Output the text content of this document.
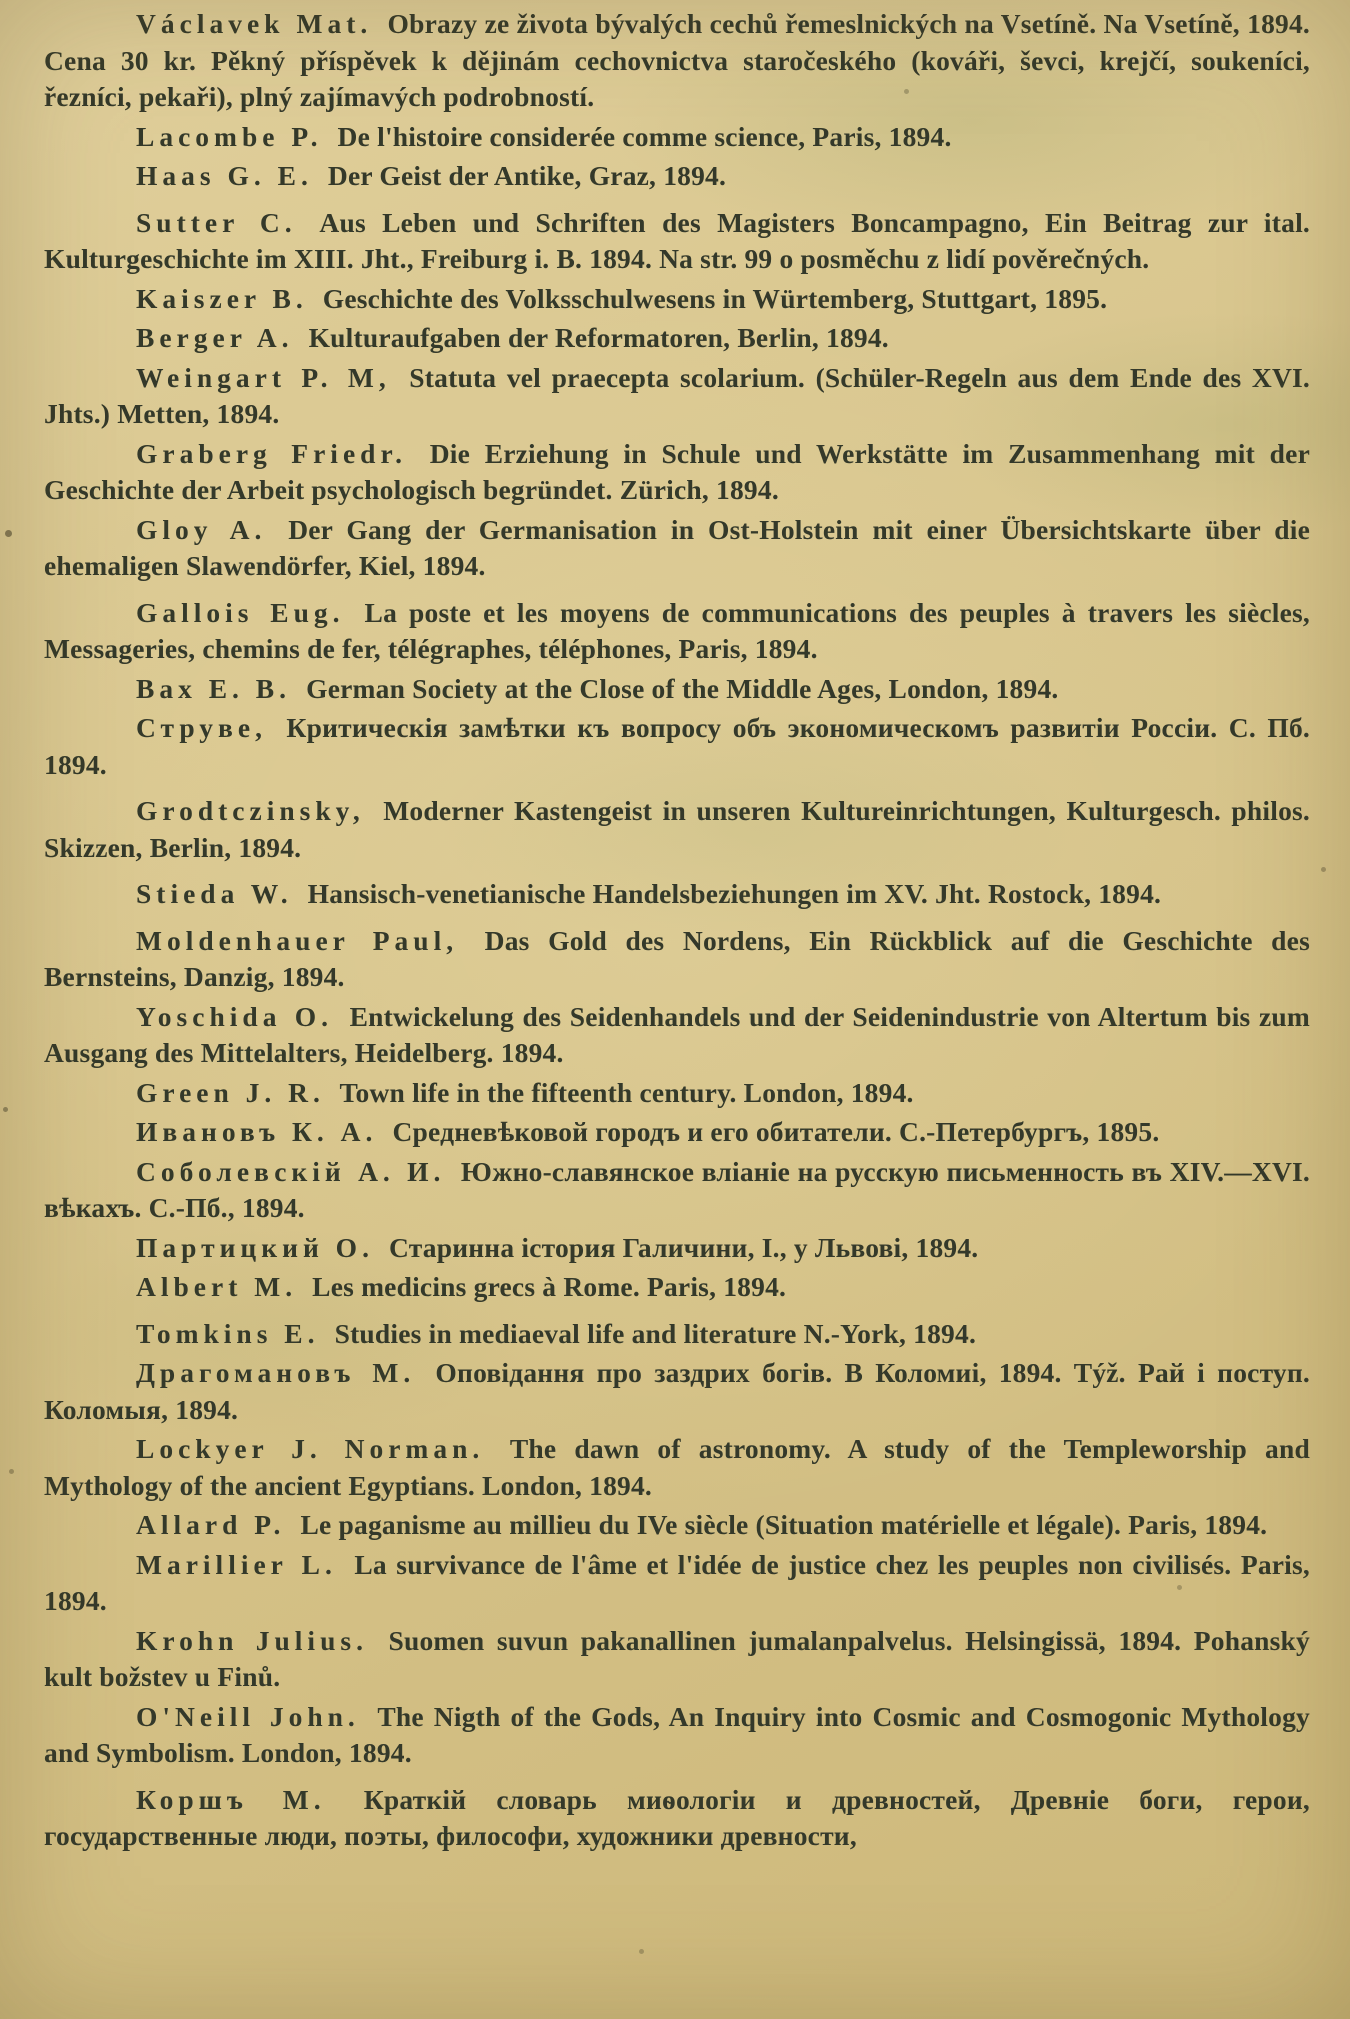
Václavek Mat. Obrazy ze života bývalých cechů řemeslnických na Vsetíně. Na Vsetíně, 1894. Cena 30 kr. Pěkný příspěvek k dějinám cechovnictva staročeského (kováři, ševci, krejčí, soukeníci, řezníci, pekaři), plný zajímavých podrobností.

Lacombe P. De l'histoire considerée comme science, Paris, 1894.

Haas G. E. Der Geist der Antike, Graz, 1894.

Sutter C. Aus Leben und Schriften des Magisters Boncampagno, Ein Beitrag zur ital. Kulturgeschichte im XIII. Jht., Freiburg i. B. 1894. Na str. 99 o posměchu z lidí pověrečných.

Kaiszer B. Geschichte des Volksschulwesens in Würtemberg, Stuttgart, 1895.

Berger A. Kulturaufgaben der Reformatoren, Berlin, 1894.

Weingart P. M, Statuta vel praecepta scolarium. (Schüler-Regeln aus dem Ende des XVI. Jhts.) Metten, 1894.

Graberg Friedr. Die Erziehung in Schule und Werkstätte im Zusammenhang mit der Geschichte der Arbeit psychologisch begründet. Zürich, 1894.

Gloy A. Der Gang der Germanisation in Ost-Holstein mit einer Übersichtskarte über die ehemaligen Slawendörfer, Kiel, 1894.

Gallois Eug. La poste et les moyens de communications des peuples à travers les siècles, Messageries, chemins de fer, télégraphes, téléphones, Paris, 1894.

Bax E. B. German Society at the Close of the Middle Ages, London, 1894.

Струве, Критическія замѣтки къ вопросу объ экономическомъ развитіи Россіи. С. Пб. 1894.

Grodtczinsky, Moderner Kastengeist in unseren Kultureinrichtungen, Kulturgesch. philos. Skizzen, Berlin, 1894.

Stieda W. Hansisch-venetianische Handelsbeziehungen im XV. Jht. Rostock, 1894.

Moldenhauer Paul, Das Gold des Nordens, Ein Rückblick auf die Geschichte des Bernsteins, Danzig, 1894.

Yoschida O. Entwickelung des Seidenhandels und der Seidenindustrie von Altertum bis zum Ausgang des Mittelalters, Heidelberg. 1894.

Green J. R. Town life in the fifteenth century. London, 1894.

Ивановъ К. А. Средневѣковой городъ и его обитатели. С.-Петербургъ, 1895.

Соболевскій А. И. Южно-славянское вліаніе на русскую письменность въ XIV.—XVI. вѣкахъ. С.-Пб., 1894.

Партицкий О. Старинна істория Галичини, I., у Львові, 1894.

Albert M. Les medicins grecs à Rome. Paris, 1894.

Tomkins E. Studies in mediaeval life and literature N.-York, 1894.

Драгомановъ М. Оповідання про заздрих богів. В Коломиі, 1894. Týž. Рай і поступ. Коломыя, 1894.

Lockyer J. Norman. The dawn of astronomy. A study of the Templeworship and Mythology of the ancient Egyptians. London, 1894.

Allard P. Le paganisme au millieu du IVe siècle (Situation matérielle et légale). Paris, 1894.

Marillier L. La survivance de l'âme et l'idée de justice chez les peuples non civilisés. Paris, 1894.

Krohn Julius. Suomen suvun pakanallinen jumalanpalvelus. Helsingissä, 1894. Pohanský kult božstev u Finů.

O'Neill John. The Nigth of the Gods, An Inquiry into Cosmic and Cosmogonic Mythology and Symbolism. London, 1894.

Коршъ М. Краткій словарь миѳологіи и древностей, Древніе боги, герои, государственные люди, поэты, философи, художники древности,
